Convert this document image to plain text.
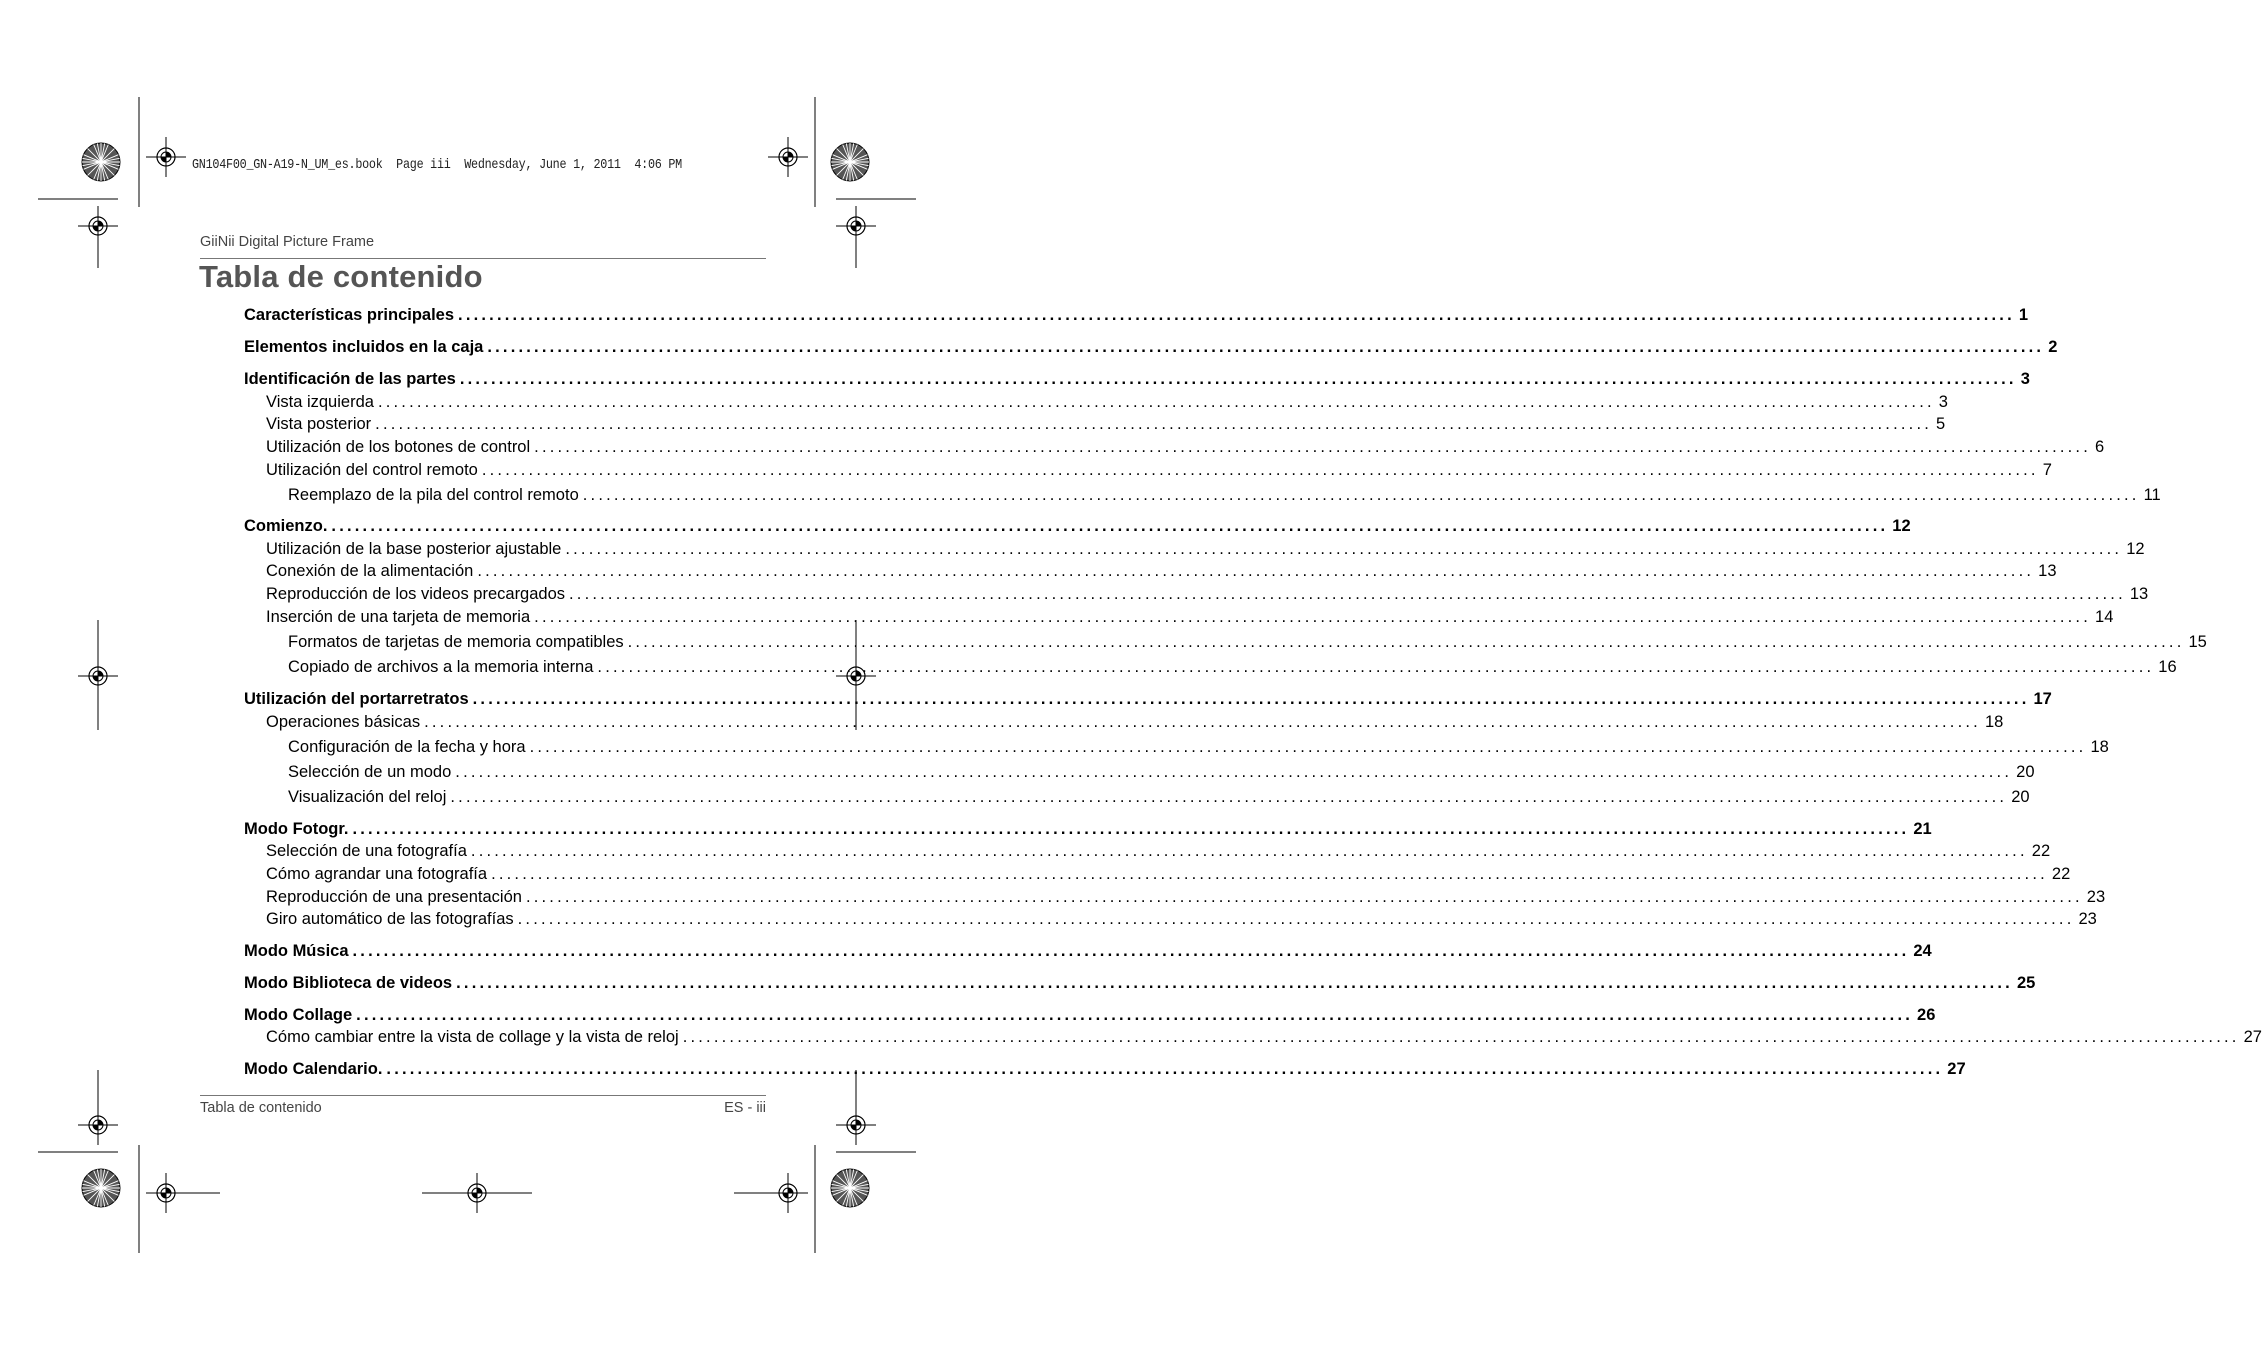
GN104F00_GN-A19-N_UM_es.book  Page iii  Wednesday, June 1, 2011  4:06 PM
GiiNii Digital Picture Frame
Tabla de contenido
Características principales ........................................................................................................................................................................................................ 1
Elementos incluidos en la caja ........................................................................................................................................................................................................ 2
Identificación de las partes ........................................................................................................................................................................................................ 3
Vista izquierda ........................................................................................................................................................................................................ 3
Vista posterior ........................................................................................................................................................................................................ 5
Utilización de los botones de control ........................................................................................................................................................................................................ 6
Utilización del control remoto ........................................................................................................................................................................................................ 7
Reemplazo de la pila del control remoto ........................................................................................................................................................................................................ 11
Comienzo. ........................................................................................................................................................................................................ 12
Utilización de la base posterior ajustable ........................................................................................................................................................................................................ 12
Conexión de la alimentación ........................................................................................................................................................................................................ 13
Reproducción de los videos precargados ........................................................................................................................................................................................................ 13
Inserción de una tarjeta de memoria ........................................................................................................................................................................................................ 14
Formatos de tarjetas de memoria compatibles ........................................................................................................................................................................................................ 15
Copiado de archivos a la memoria interna ........................................................................................................................................................................................................ 16
Utilización del portarretratos ........................................................................................................................................................................................................ 17
Operaciones básicas ........................................................................................................................................................................................................ 18
Configuración de la fecha y hora ........................................................................................................................................................................................................ 18
Selección de un modo ........................................................................................................................................................................................................ 20
Visualización del reloj ........................................................................................................................................................................................................ 20
Modo Fotogr. ........................................................................................................................................................................................................ 21
Selección de una fotografía ........................................................................................................................................................................................................ 22
Cómo agrandar una fotografía ........................................................................................................................................................................................................ 22
Reproducción de una presentación ........................................................................................................................................................................................................ 23
Giro automático de las fotografías ........................................................................................................................................................................................................ 23
Modo Música ........................................................................................................................................................................................................ 24
Modo Biblioteca de videos ........................................................................................................................................................................................................ 25
Modo Collage ........................................................................................................................................................................................................ 26
Cómo cambiar entre la vista de collage y la vista de reloj ........................................................................................................................................................................................................ 27
Modo Calendario. ........................................................................................................................................................................................................ 27
Tabla de contenido	ES - iii
